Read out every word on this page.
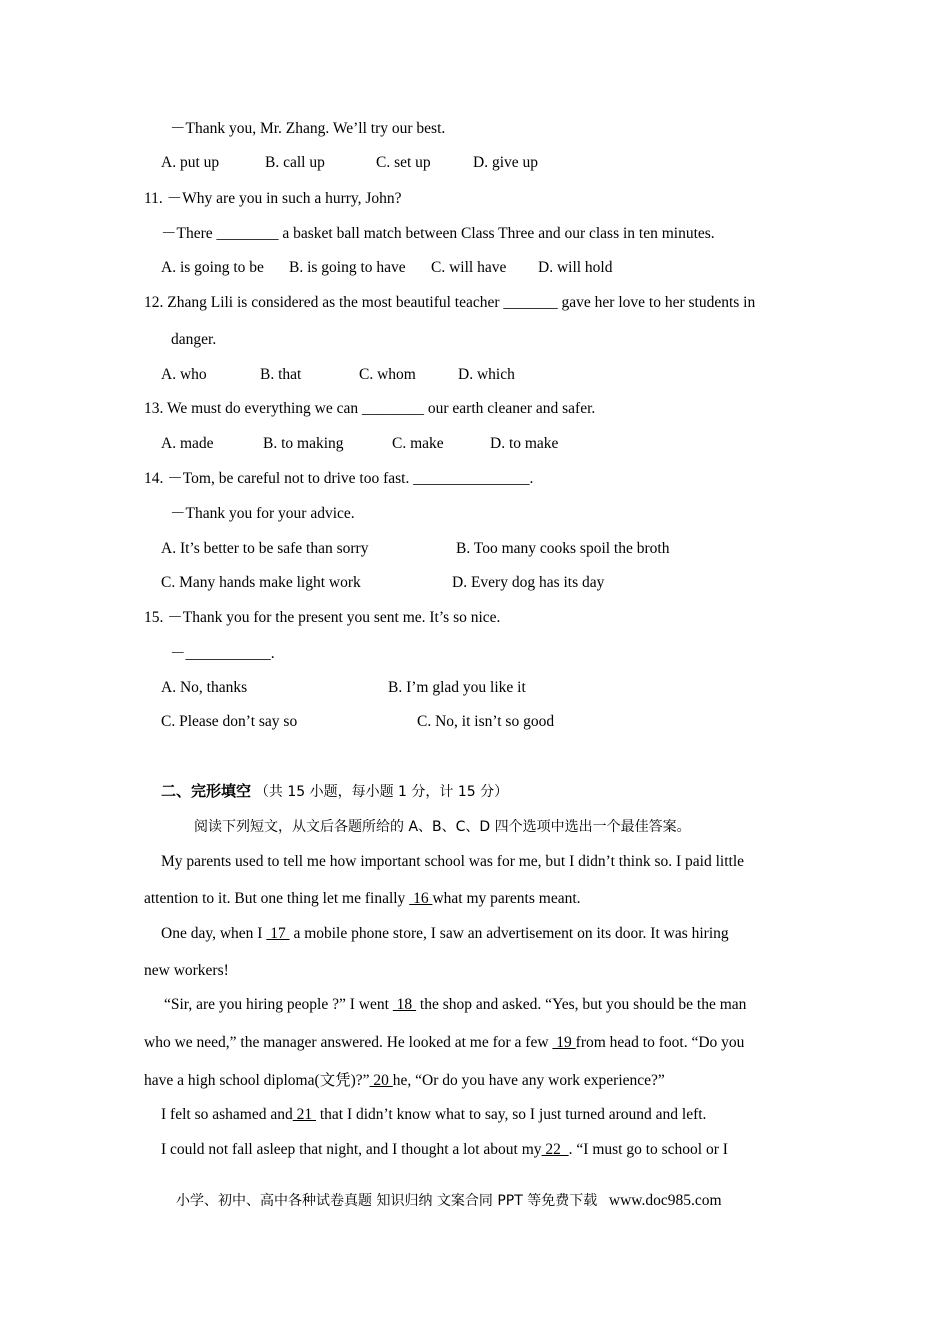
－Thank you, Mr. Zhang. We’ll try our best.
A. put up	B. call up	C. set up	D. give up
11. －Why are you in such a hurry, John?
－There ________ a basket ball match between Class Three and our class in ten minutes.
A. is going to be B. is going to have C. will have D. will hold
12. Zhang Lili is considered as the most beautiful teacher _______ gave her love to her students in
danger.
A. who	B. that	C. whom	D. which
13. We must do everything we can ________ our earth cleaner and safer.
A. made	B. to making	C. make	D. to make
14. －Tom, be careful not to drive too fast. _______________.
－Thank you for your advice.
A. It’s better to be safe than sorry	B. Too many cooks spoil the broth
C. Many hands make light work	D. Every dog has its day
15. －Thank you for the present you sent me. It’s so nice.
－___________.
A. No, thanks	B. I’m glad you like it
C. Please don’t say so	C. No, it isn’t so good
二、完形填空 （共 15 小题，每小题 1 分，计 15 分）
阅读下列短文，从文后各题所给的 A、B、C、D 四个选项中选出一个最佳答案。
My parents used to tell me how important school was for me, but I didn’t think so. I paid little
attention to it. But one thing let me finally  16 what my parents meant.
One day, when I  17  a mobile phone store, I saw an advertisement on its door. It was hiring
new workers!
“Sir, are you hiring people ?” I went  18  the shop and asked. “Yes, but you should be the man
who we need,” the manager answered. He looked at me for a few  19 from head to foot. “Do you
have a high school diploma(文凭)?” 20 he, “Or do you have any work experience?”
I felt so ashamed and 21  that I didn’t know what to say, so I just turned around and left.
I could not fall asleep that night, and I thought a lot about my 22  . “I must go to school or I
小学、初中、高中各种试卷真题 知识归纳 文案合同 PPT 等免费下载 www.doc985.com
